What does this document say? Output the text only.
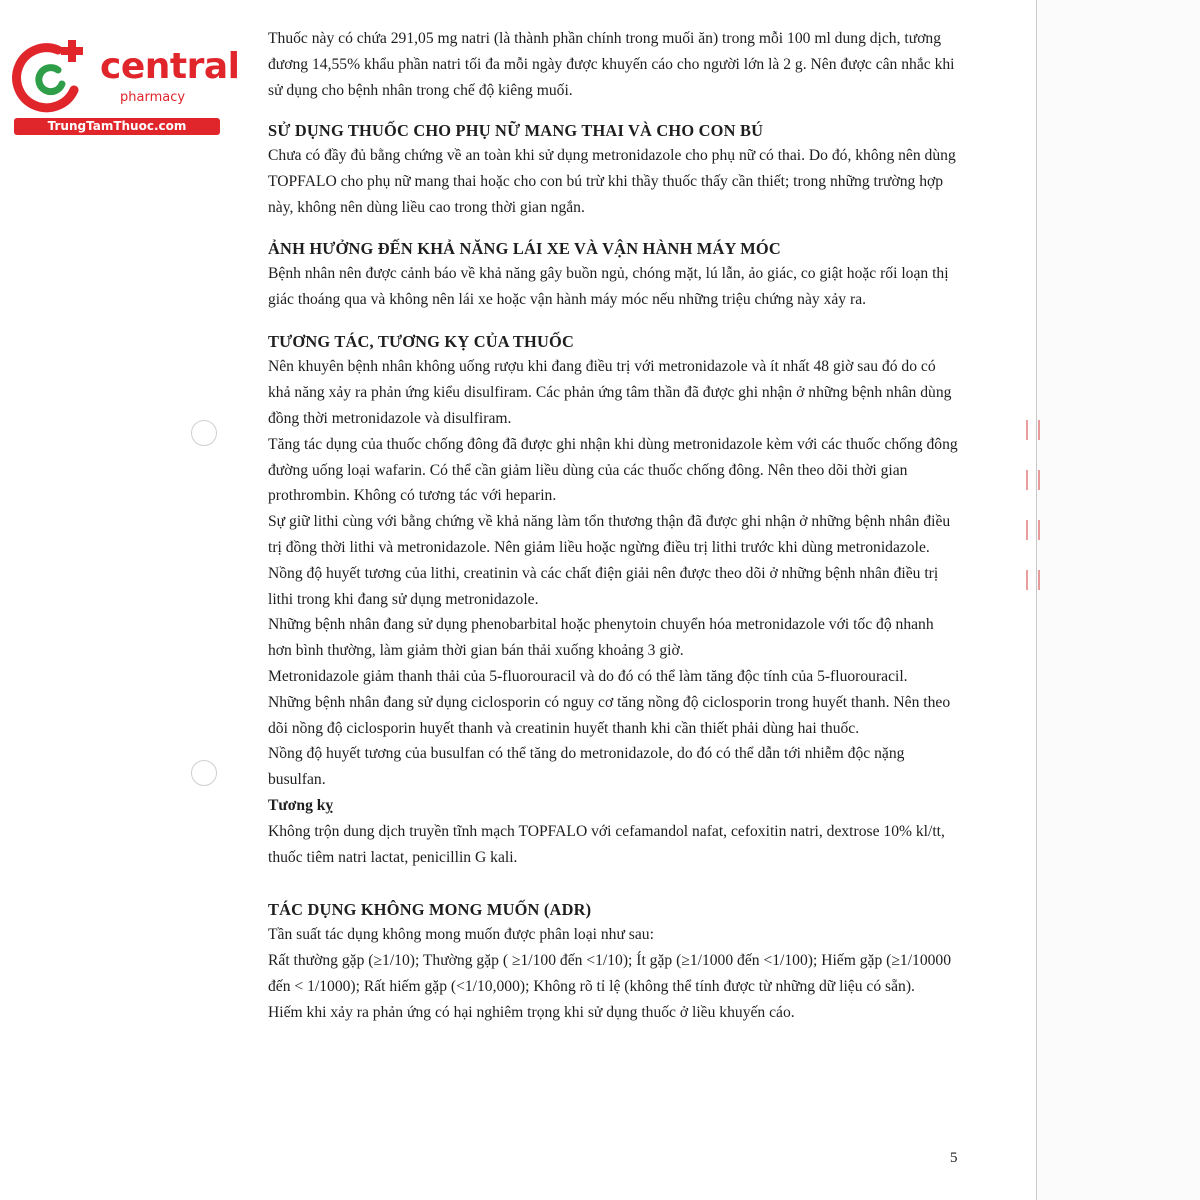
central
pharmacy
TrungTamThuoc.com

Thuốc này có chứa 291,05 mg natri (là thành phần chính trong muối ăn) trong mỗi 100 ml dung dịch, tương đương 14,55% khẩu phần natri tối đa mỗi ngày được khuyến cáo cho người lớn là 2 g. Nên được cân nhắc khi sử dụng cho bệnh nhân trong chế độ kiêng muối.

SỬ DỤNG THUỐC CHO PHỤ NỮ MANG THAI VÀ CHO CON BÚ

Chưa có đầy đủ bằng chứng về an toàn khi sử dụng metronidazole cho phụ nữ có thai. Do đó, không nên dùng TOPFALO cho phụ nữ mang thai hoặc cho con bú trừ khi thầy thuốc thấy cần thiết; trong những trường hợp này, không nên dùng liều cao trong thời gian ngắn.

ẢNH HƯỞNG ĐẾN KHẢ NĂNG LÁI XE VÀ VẬN HÀNH MÁY MÓC

Bệnh nhân nên được cảnh báo về khả năng gây buồn ngủ, chóng mặt, lú lẫn, ảo giác, co giật hoặc rối loạn thị giác thoáng qua và không nên lái xe hoặc vận hành máy móc nếu những triệu chứng này xảy ra.

TƯƠNG TÁC, TƯƠNG KỴ CỦA THUỐC

Nên khuyên bệnh nhân không uống rượu khi đang điều trị với metronidazole và ít nhất 48 giờ sau đó do có khả năng xảy ra phản ứng kiểu disulfiram. Các phản ứng tâm thần đã được ghi nhận ở những bệnh nhân dùng đồng thời metronidazole và disulfiram.

Tăng tác dụng của thuốc chống đông đã được ghi nhận khi dùng metronidazole kèm với các thuốc chống đông đường uống loại wafarin. Có thể cần giảm liều dùng của các thuốc chống đông. Nên theo dõi thời gian prothrombin. Không có tương tác với heparin.

Sự giữ lithi cùng với bằng chứng về khả năng làm tổn thương thận đã được ghi nhận ở những bệnh nhân điều trị đồng thời lithi và metronidazole. Nên giảm liều hoặc ngừng điều trị lithi trước khi dùng metronidazole. Nồng độ huyết tương của lithi, creatinin và các chất điện giải nên được theo dõi ở những bệnh nhân điều trị lithi trong khi đang sử dụng metronidazole.

Những bệnh nhân đang sử dụng phenobarbital hoặc phenytoin chuyển hóa metronidazole với tốc độ nhanh hơn bình thường, làm giảm thời gian bán thải xuống khoảng 3 giờ.

Metronidazole giảm thanh thải của 5-fluorouracil và do đó có thể làm tăng độc tính của 5-fluorouracil.

Những bệnh nhân đang sử dụng ciclosporin có nguy cơ tăng nồng độ ciclosporin trong huyết thanh. Nên theo dõi nồng độ ciclosporin huyết thanh và creatinin huyết thanh khi cần thiết phải dùng hai thuốc.

Nồng độ huyết tương của busulfan có thể tăng do metronidazole, do đó có thể dẫn tới nhiễm độc nặng busulfan.

Tương kỵ

Không trộn dung dịch truyền tĩnh mạch TOPFALO với cefamandol nafat, cefoxitin natri, dextrose 10% kl/tt, thuốc tiêm natri lactat, penicillin G kali.

TÁC DỤNG KHÔNG MONG MUỐN (ADR)

Tần suất tác dụng không mong muốn được phân loại như sau:

Rất thường gặp (≥1/10); Thường gặp ( ≥1/100 đến <1/10); Ít gặp (≥1/1000 đến <1/100); Hiếm gặp (≥1/10000 đến < 1/1000); Rất hiếm gặp (<1/10,000); Không rõ tỉ lệ (không thể tính được từ những dữ liệu có sẵn).

Hiếm khi xảy ra phản ứng có hại nghiêm trọng khi sử dụng thuốc ở liều khuyến cáo.

5
